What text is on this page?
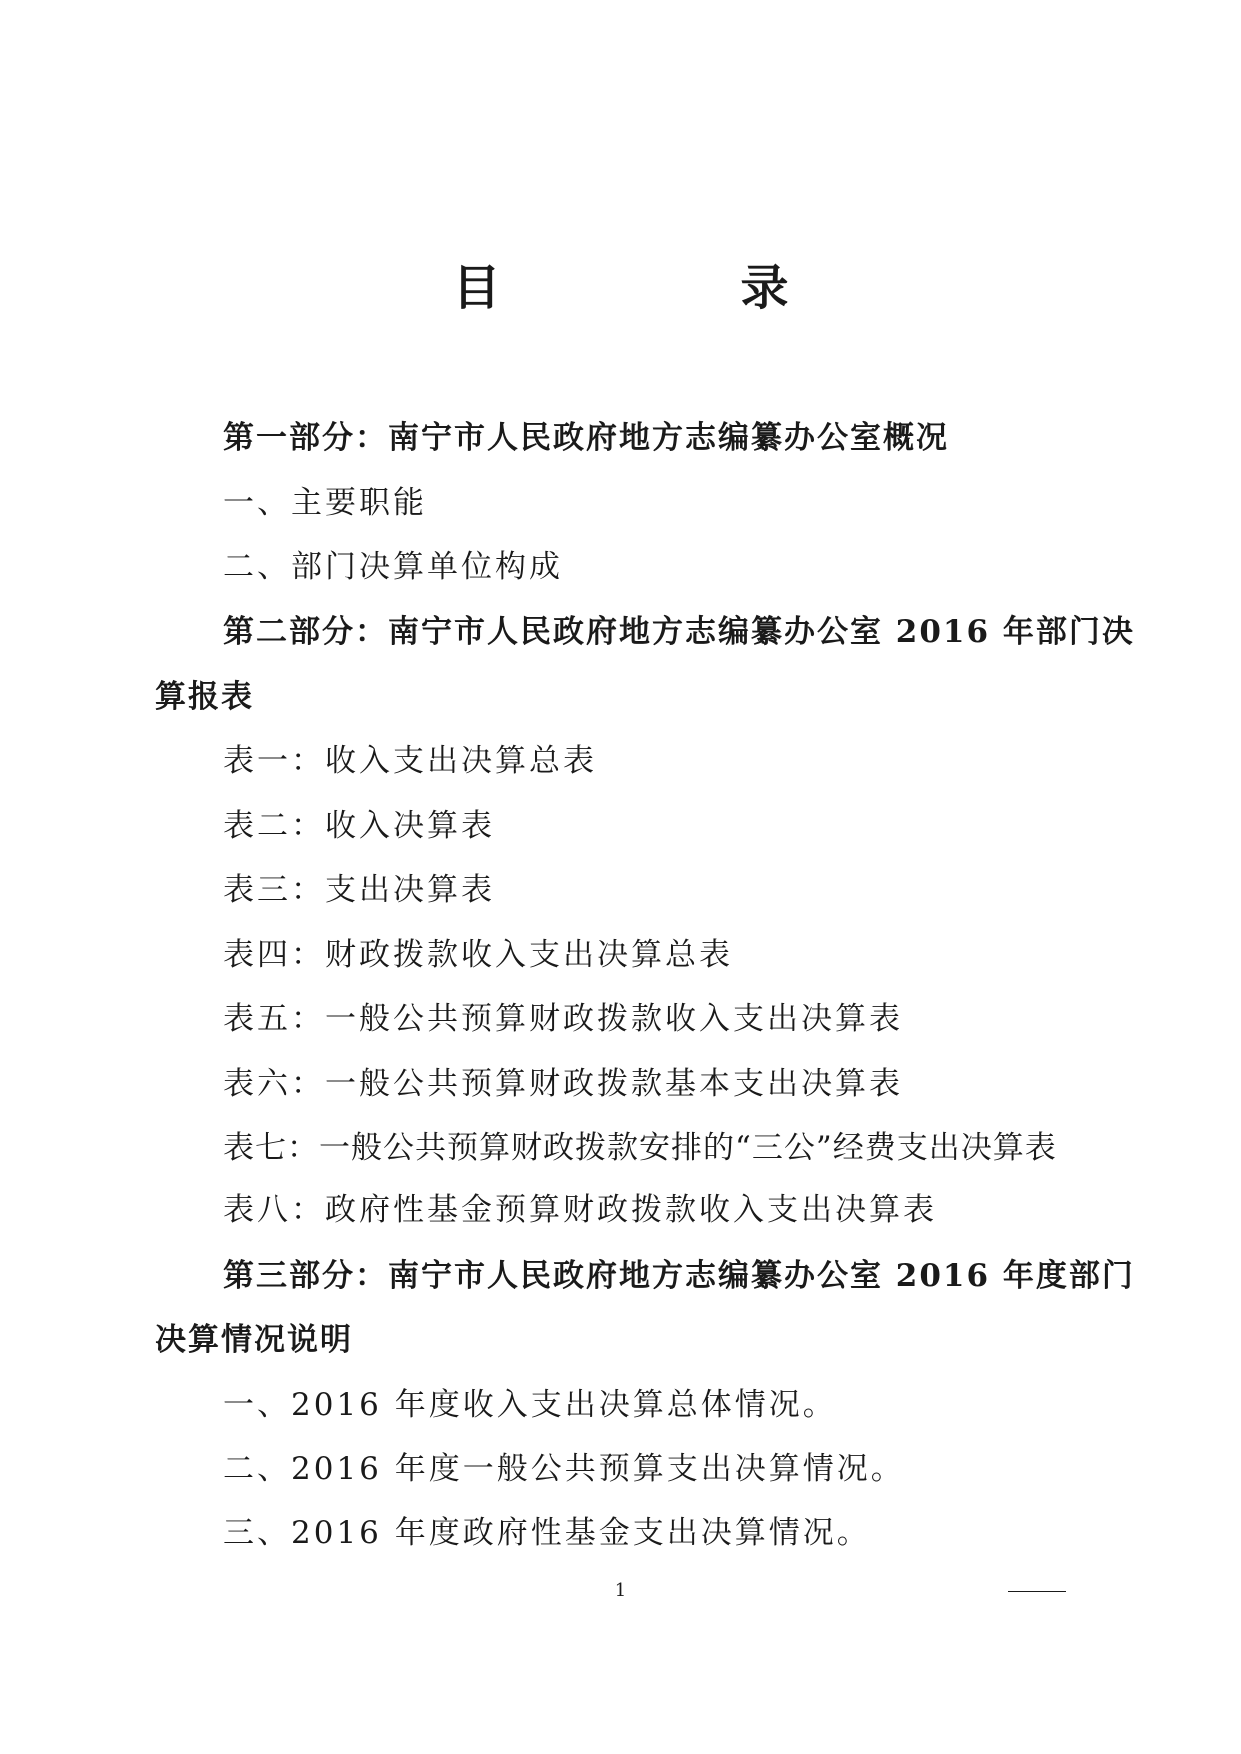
目　录
第一部分：南宁市人民政府地方志编纂办公室概况
一、主要职能
二、部门决算单位构成
第二部分：南宁市人民政府地方志编纂办公室 2016 年部门决
算报表
表一：收入支出决算总表
表二：收入决算表
表三：支出决算表
表四：财政拨款收入支出决算总表
表五：一般公共预算财政拨款收入支出决算表
表六：一般公共预算财政拨款基本支出决算表
表七：一般公共预算财政拨款安排的“三公”经费支出决算表
表八：政府性基金预算财政拨款收入支出决算表
第三部分：南宁市人民政府地方志编纂办公室 2016 年度部门
决算情况说明
一、2016 年度收入支出决算总体情况。
二、2016 年度一般公共预算支出决算情况。
三、2016 年度政府性基金支出决算情况。
1
